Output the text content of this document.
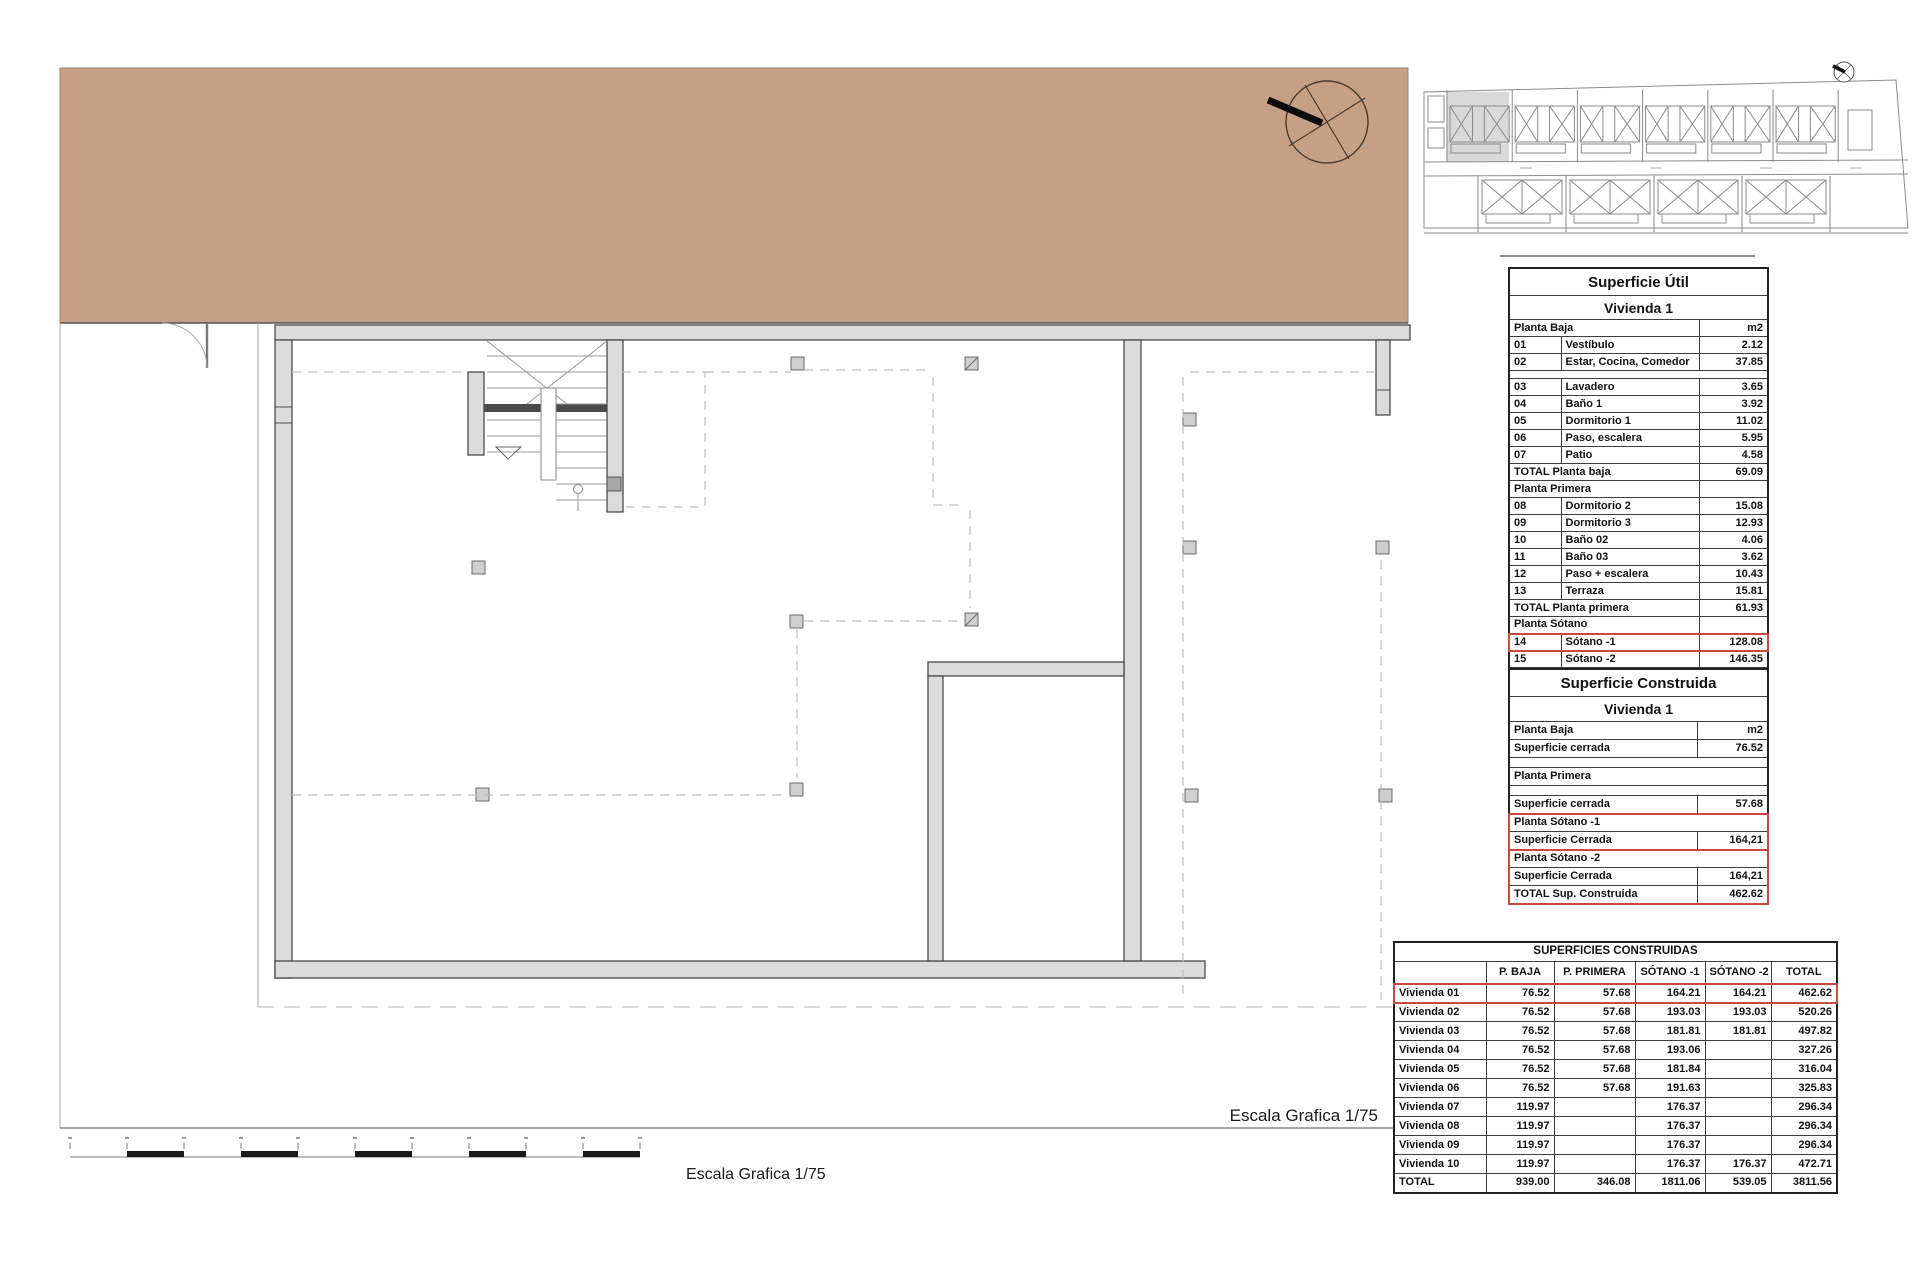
Escala Grafica 1/75
Escala Grafica 1/75
Superficie Útil		
Vivienda 1		
Planta Baja		m2
01	Vestíbulo	2.12
02	Estar, Cocina, Comedor	37.85

03	Lavadero	3.65
04	Baño 1	3.92
05	Dormitorio 1	11.02
06	Paso, escalera	5.95
07	Patio	4.58
TOTAL Planta baja		69.09
Planta Primera		
08	Dormitorio 2	15.08
09	Dormitorio 3	12.93
10	Baño 02	4.06
11	Baño 03	3.62
12	Paso + escalera	10.43
13	Terraza	15.81
TOTAL Planta primera		61.93
Planta Sótano		
14	Sótano -1	128.08
15	Sótano -2	146.35

Superficie Construida	
Vivienda 1	
Planta Baja	m2
Superficie cerrada	76.52

Planta Primera	

Superficie cerrada	57.68
Planta Sótano -1	
Superficie Cerrada	164,21
Planta Sótano -2	
Superficie Cerrada	164,21
TOTAL Sup. Construida	462.62
SUPERFICIES CONSTRUIDAS					
	P. BAJA	P. PRIMERA	SÓTANO -1	SÓTANO -2	TOTAL
Vivienda 01	76.52	57.68	164.21	164.21	462.62
Vivienda 02	76.52	57.68	193.03	193.03	520.26
Vivienda 03	76.52	57.68	181.81	181.81	497.82
Vivienda 04	76.52	57.68	193.06		327.26
Vivienda 05	76.52	57.68	181.84		316.04
Vivienda 06	76.52	57.68	191.63		325.83
Vivienda 07	119.97		176.37		296.34
Vivienda 08	119.97		176.37		296.34
Vivienda 09	119.97		176.37		296.34
Vivienda 10	119.97		176.37	176.37	472.71
TOTAL	939.00	346.08	1811.06	539.05	3811.56
